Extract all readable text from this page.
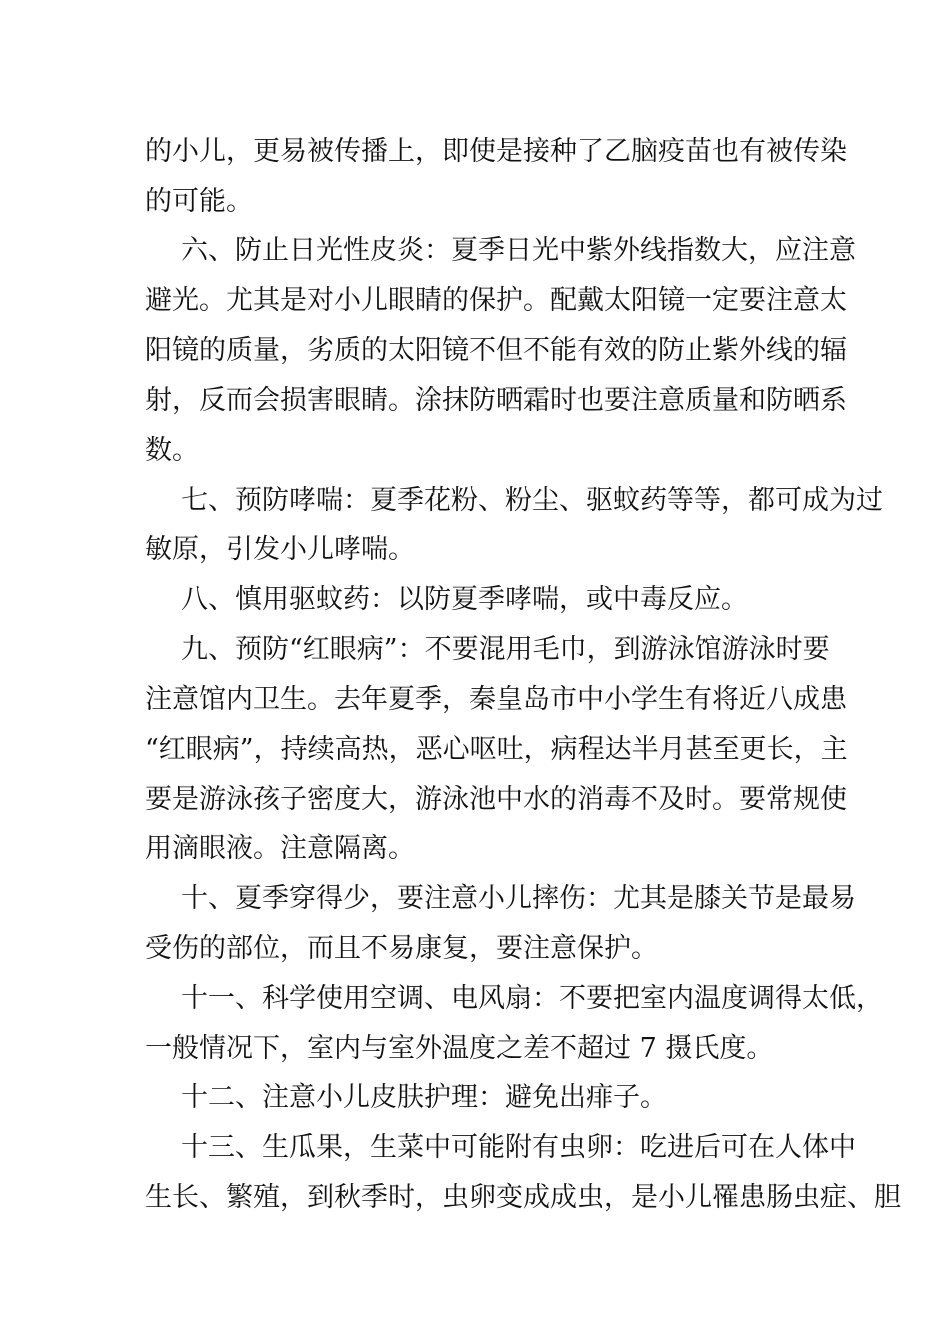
的小儿，更易被传播上，即使是接种了乙脑疫苗也有被传染
的可能。
六、防止日光性皮炎：夏季日光中紫外线指数大，应注意
避光。尤其是对小儿眼睛的保护。配戴太阳镜一定要注意太
阳镜的质量，劣质的太阳镜不但不能有效的防止紫外线的辐
射，反而会损害眼睛。涂抹防晒霜时也要注意质量和防晒系
数。
七、预防哮喘：夏季花粉、粉尘、驱蚊药等等，都可成为过
敏原，引发小儿哮喘。
八、慎用驱蚊药：以防夏季哮喘，或中毒反应。
九、预防“红眼病”：不要混用毛巾，到游泳馆游泳时要
注意馆内卫生。去年夏季，秦皇岛市中小学生有将近八成患
“红眼病”，持续高热，恶心呕吐，病程达半月甚至更长，主
要是游泳孩子密度大，游泳池中水的消毒不及时。要常规使
用滴眼液。注意隔离。
十、夏季穿得少，要注意小儿摔伤：尤其是膝关节是最易
受伤的部位，而且不易康复，要注意保护。
十一、科学使用空调、电风扇：不要把室内温度调得太低，
一般情况下，室内与室外温度之差不超过 7 摄氏度。
十二、注意小儿皮肤护理：避免出痱子。
十三、生瓜果，生菜中可能附有虫卵：吃进后可在人体中
生长、繁殖，到秋季时，虫卵变成成虫，是小儿罹患肠虫症、胆
